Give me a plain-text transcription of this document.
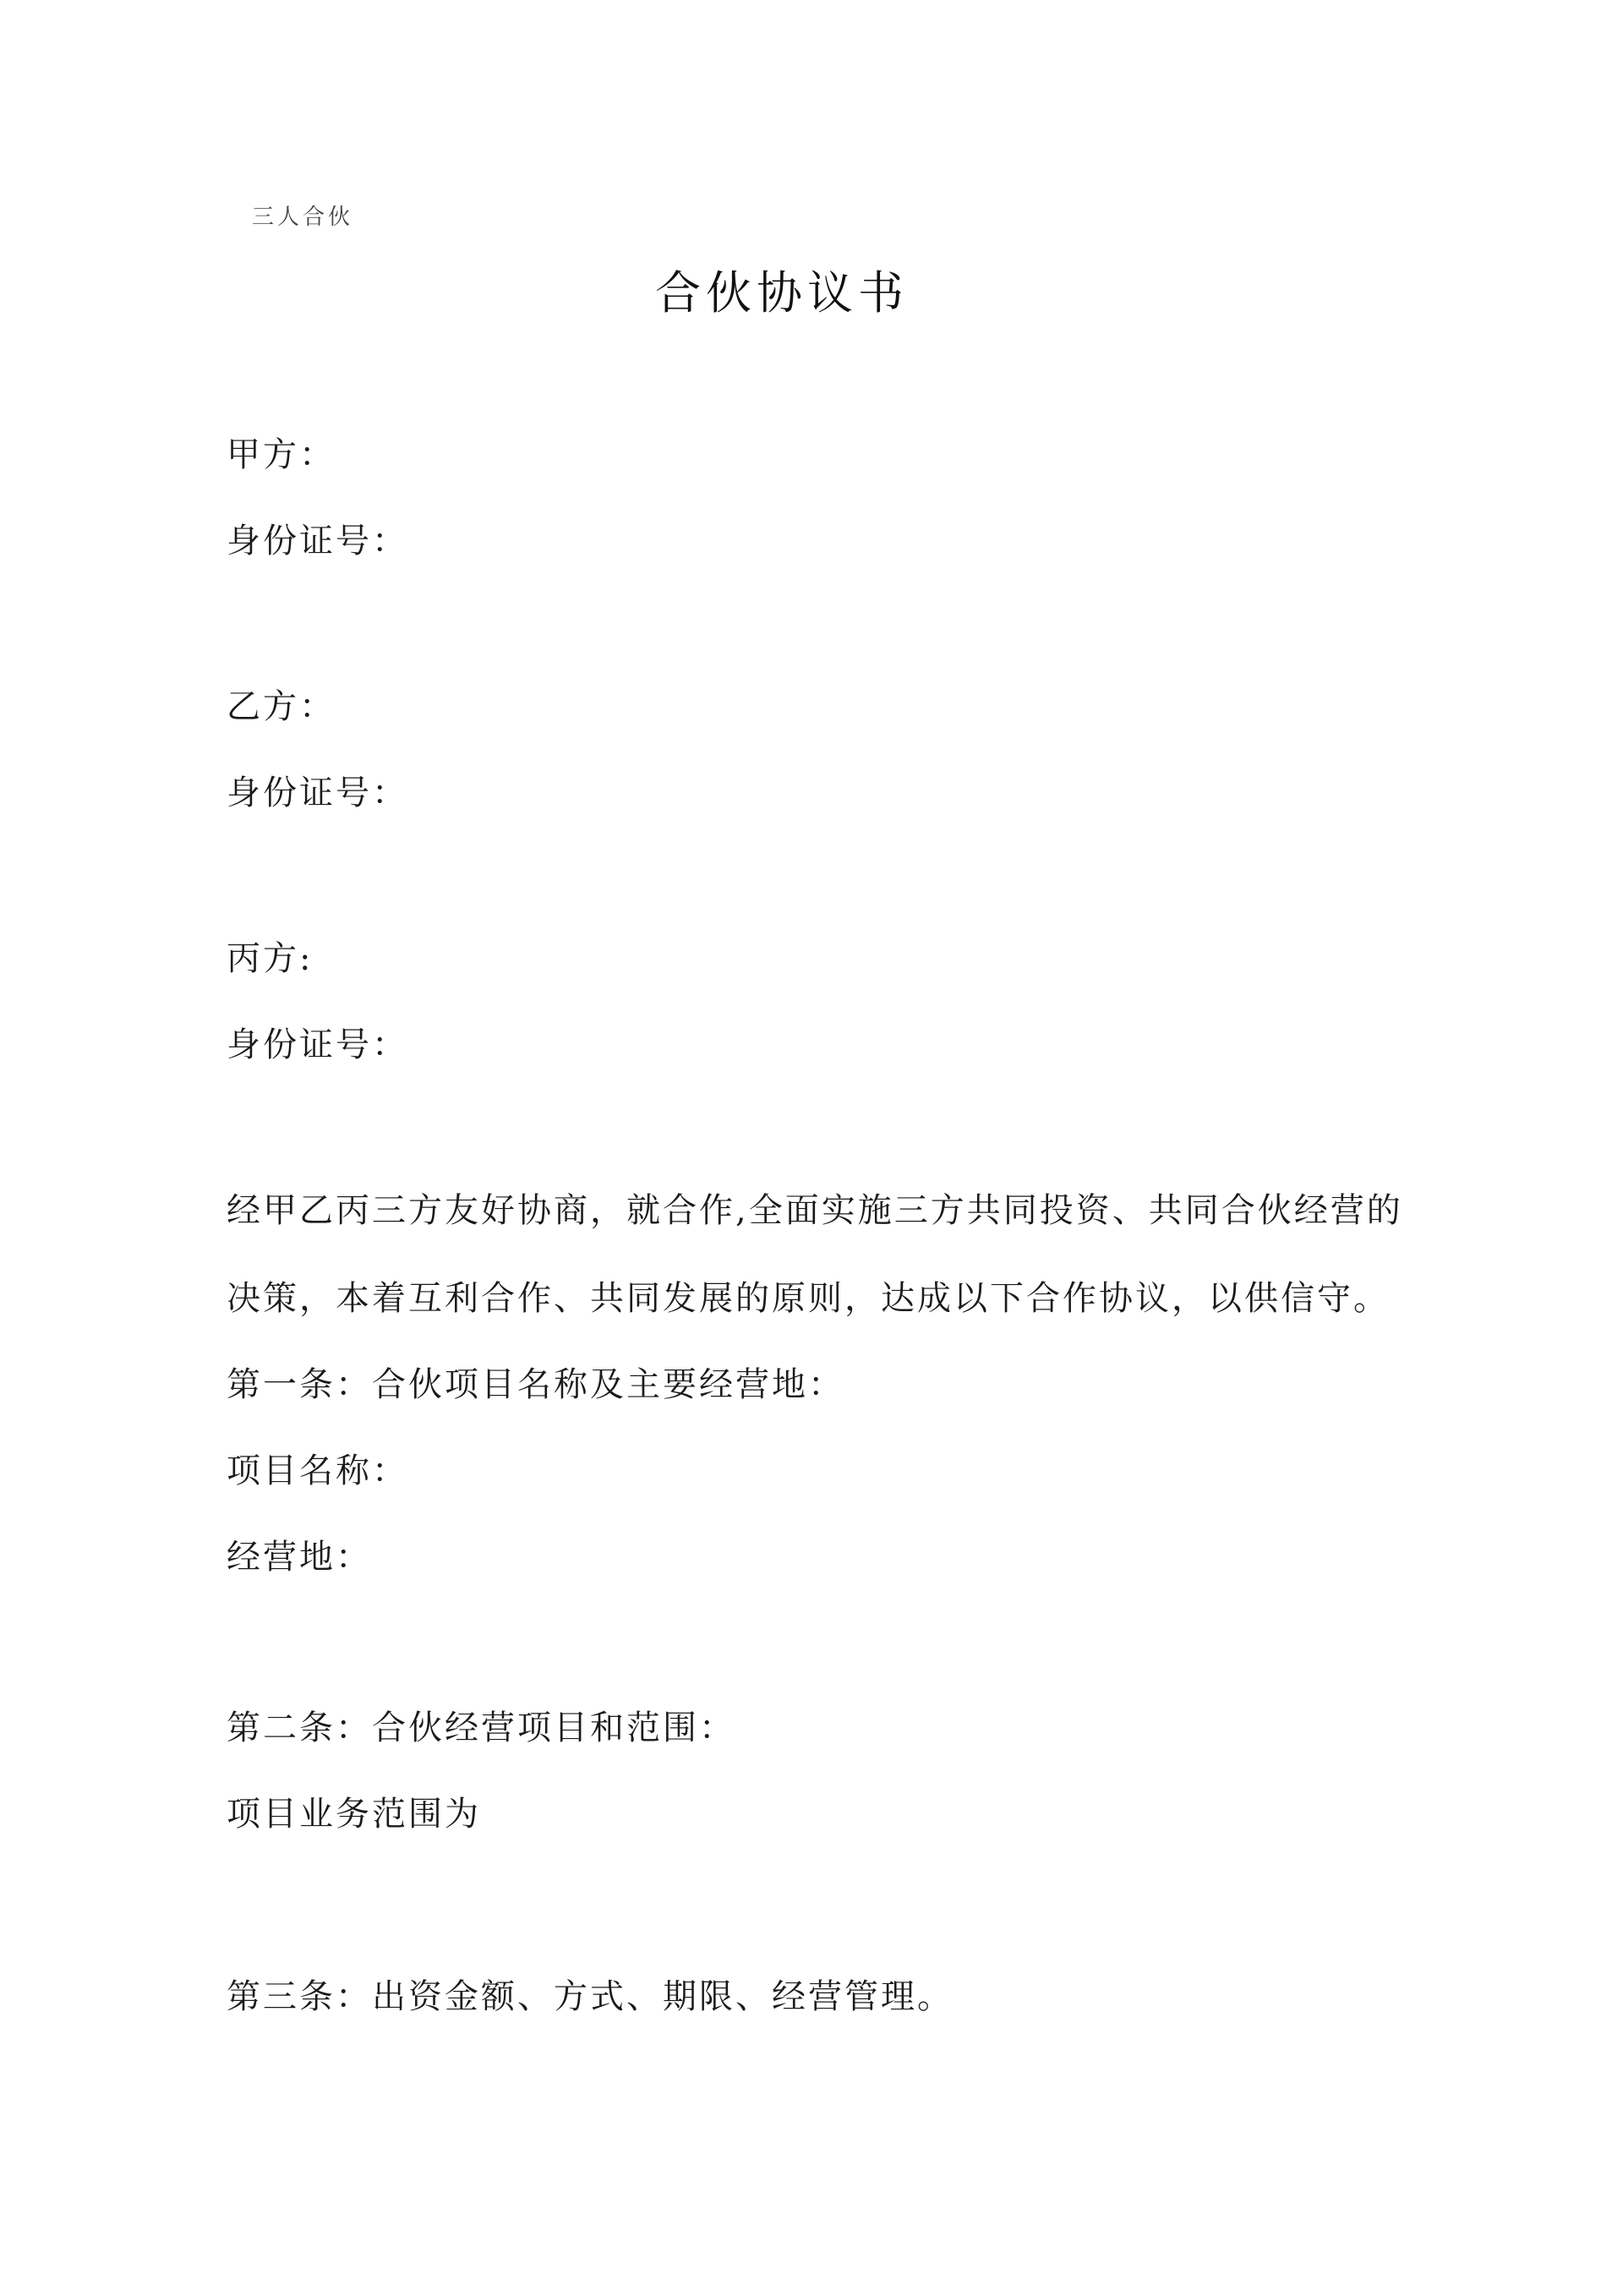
三人合伙
合伙协议书
甲方：
身份证号：
乙方：
身份证号：
丙方:
身份证号：
经甲乙丙三方友好协商，就合作,全面实施三方共同投资、共同合伙经营的
决策，本着互利合作、共同发展的原则，达成以下合作协议，以供信守。
第一条：合伙项目名称及主要经营地：
项目名称：
经营地：
第二条：合伙经营项目和范围：
项目业务范围为
第三条：出资金额、方式、期限、经营管理。
